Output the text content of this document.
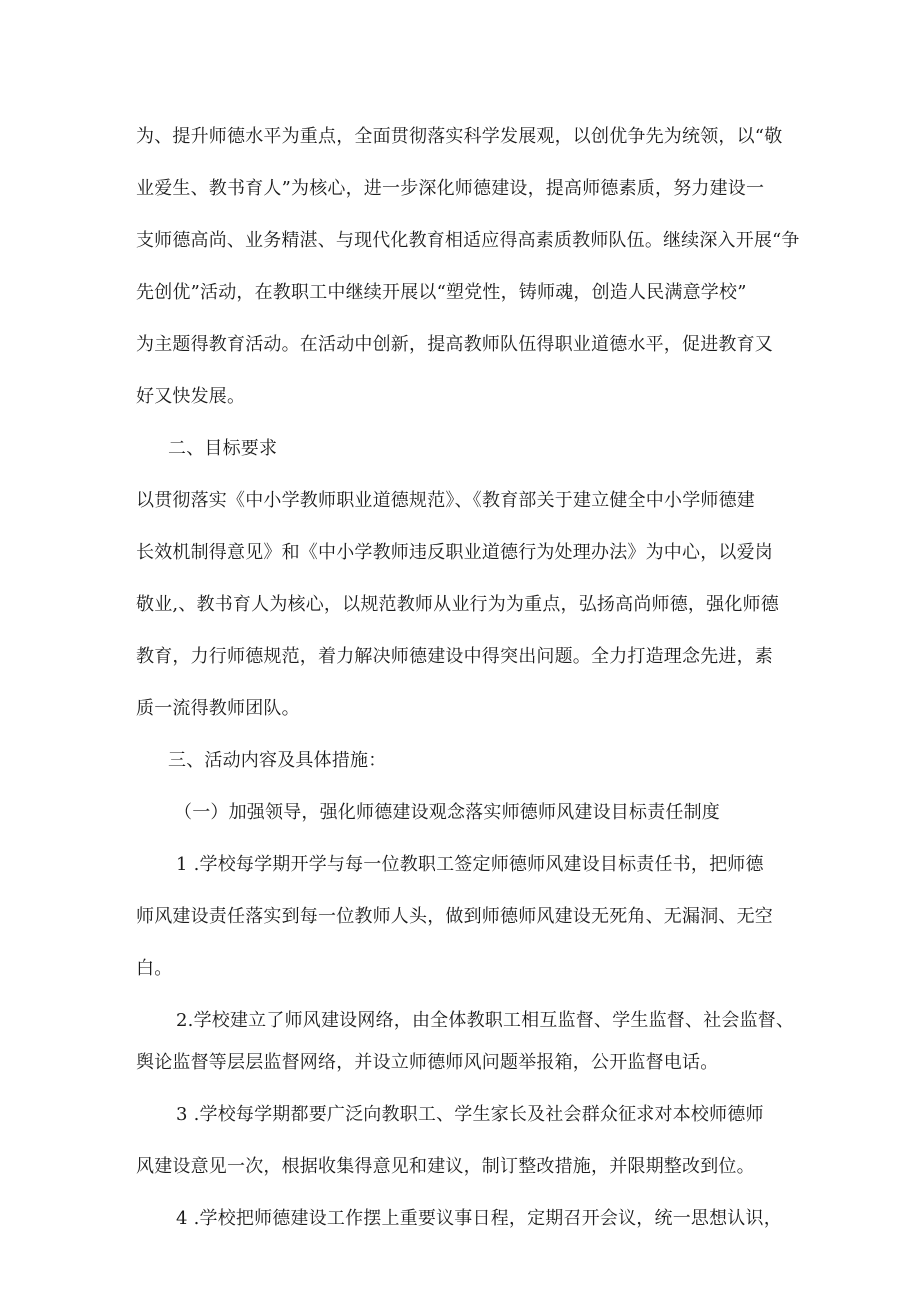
为、提升师德水平为重点，全面贯彻落实科学发展观，以创优争先为统领，以“敬
业爱生、教书育人”为核心，进一步深化师德建设，提高师德素质，努力建设一
支师德高尚、业务精湛、与现代化教育相适应得高素质教师队伍。继续深入开展“争
先创优”活动，在教职工中继续开展以“塑党性，铸师魂，创造人民满意学校”
为主题得教育活动。在活动中创新，提高教师队伍得职业道德水平，促进教育又
好又快发展。
二、目标要求
以贯彻落实《中小学教师职业道德规范》、《教育部关于建立健全中小学师德建
长效机制得意见》和《中小学教师违反职业道德行为处理办法》为中心，以爱岗
敬业,、教书育人为核心，以规范教师从业行为为重点，弘扬高尚师德，强化师德
教育，力行师德规范，着力解决师德建设中得突出问题。全力打造理念先进，素
质一流得教师团队。
三、活动内容及具体措施：
（一）加强领导，强化师德建设观念落实师德师风建设目标责任制度
1 .学校每学期开学与每一位教职工签定师德师风建设目标责任书，把师德
师风建设责任落实到每一位教师人头，做到师德师风建设无死角、无漏洞、无空
白。
2.学校建立了师风建设网络，由全体教职工相互监督、学生监督、社会监督、
舆论监督等层层监督网络，并设立师德师风问题举报箱，公开监督电话。
3 .学校每学期都要广泛向教职工、学生家长及社会群众征求对本校师德师
风建设意见一次，根据收集得意见和建议，制订整改措施，并限期整改到位。
4 .学校把师德建设工作摆上重要议事日程，定期召开会议，统一思想认识，
